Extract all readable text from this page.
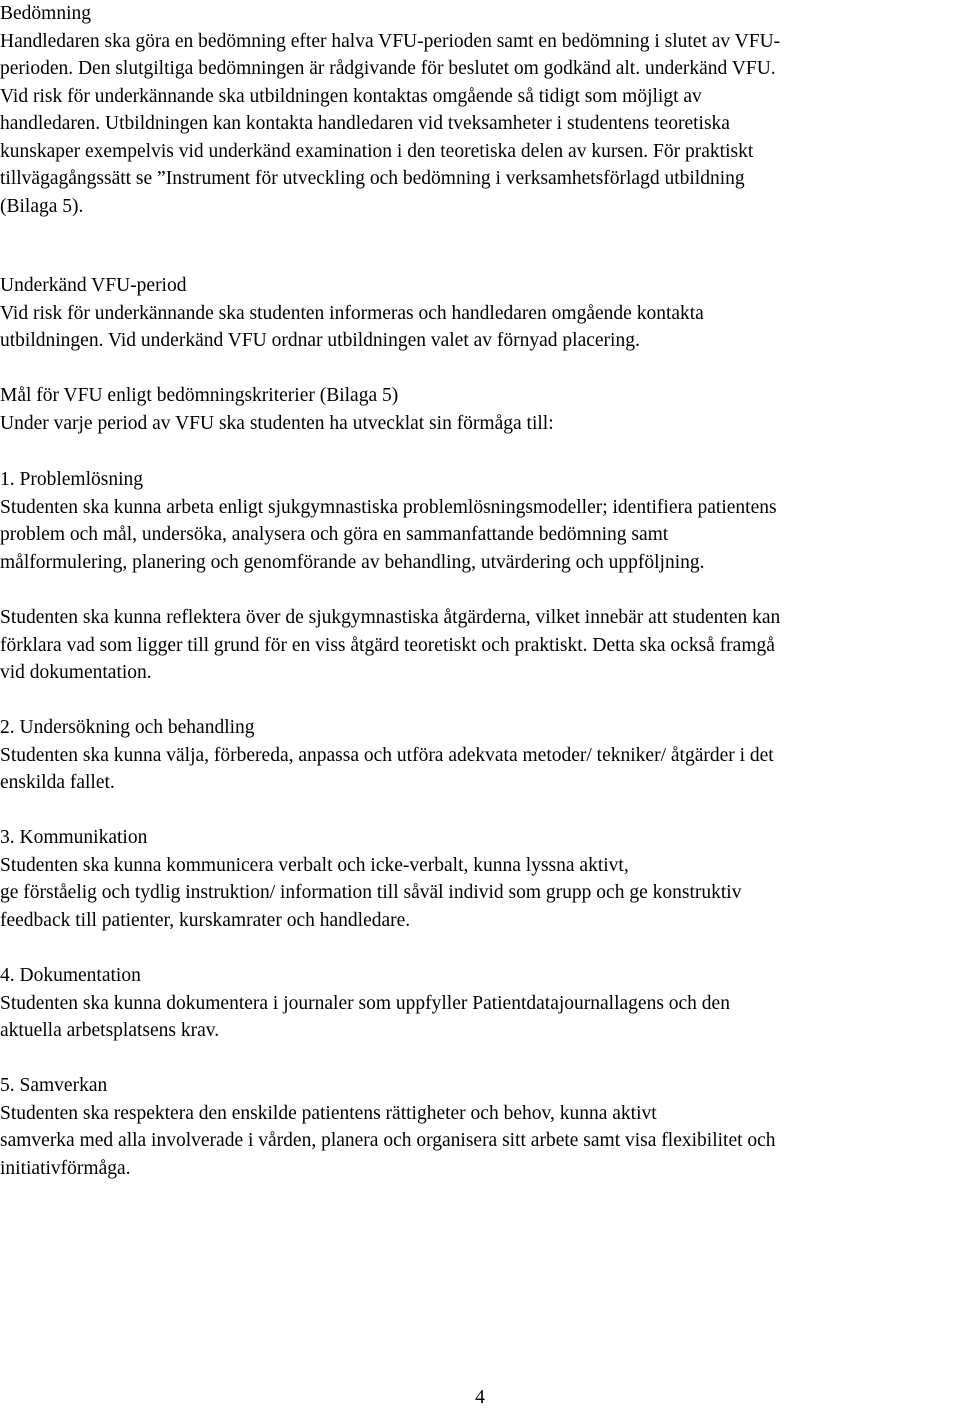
Bedömning
Handledaren ska göra en bedömning efter halva VFU-perioden samt en bedömning i slutet av VFU-
perioden. Den slutgiltiga bedömningen är rådgivande för beslutet om godkänd alt. underkänd VFU.
Vid risk för underkännande ska utbildningen kontaktas omgående så tidigt som möjligt av
handledaren. Utbildningen kan kontakta handledaren vid tveksamheter i studentens teoretiska
kunskaper exempelvis vid underkänd examination i den teoretiska delen av kursen. För praktiskt
tillvägagångssätt se ”Instrument för utveckling och bedömning i verksamhetsförlagd utbildning
(Bilaga 5).
Underkänd VFU-period
Vid risk för underkännande ska studenten informeras och handledaren omgående kontakta
utbildningen. Vid underkänd VFU ordnar utbildningen valet av förnyad placering.
Mål för VFU enligt bedömningskriterier (Bilaga 5)
Under varje period av VFU ska studenten ha utvecklat sin förmåga till:
1. Problemlösning
Studenten ska kunna arbeta enligt sjukgymnastiska problemlösningsmodeller; identifiera patientens
problem och mål, undersöka, analysera och göra en sammanfattande bedömning samt
målformulering, planering och genomförande av behandling, utvärdering och uppföljning.
Studenten ska kunna reflektera över de sjukgymnastiska åtgärderna, vilket innebär att studenten kan
förklara vad som ligger till grund för en viss åtgärd teoretiskt och praktiskt. Detta ska också framgå
vid dokumentation.
2. Undersökning och behandling
Studenten ska kunna välja, förbereda, anpassa och utföra adekvata metoder/ tekniker/ åtgärder i det
enskilda fallet.
3. Kommunikation
Studenten ska kunna kommunicera verbalt och icke-verbalt, kunna lyssna aktivt,
ge förståelig och tydlig instruktion/ information till såväl individ som grupp och ge konstruktiv
feedback till patienter, kurskamrater och handledare.
4. Dokumentation
Studenten ska kunna dokumentera i journaler som uppfyller Patientdatajournallagens och den
aktuella arbetsplatsens krav.
5. Samverkan
Studenten ska respektera den enskilde patientens rättigheter och behov, kunna aktivt
samverka med alla involverade i vården, planera och organisera sitt arbete samt visa flexibilitet och
initiativförmåga.
4
